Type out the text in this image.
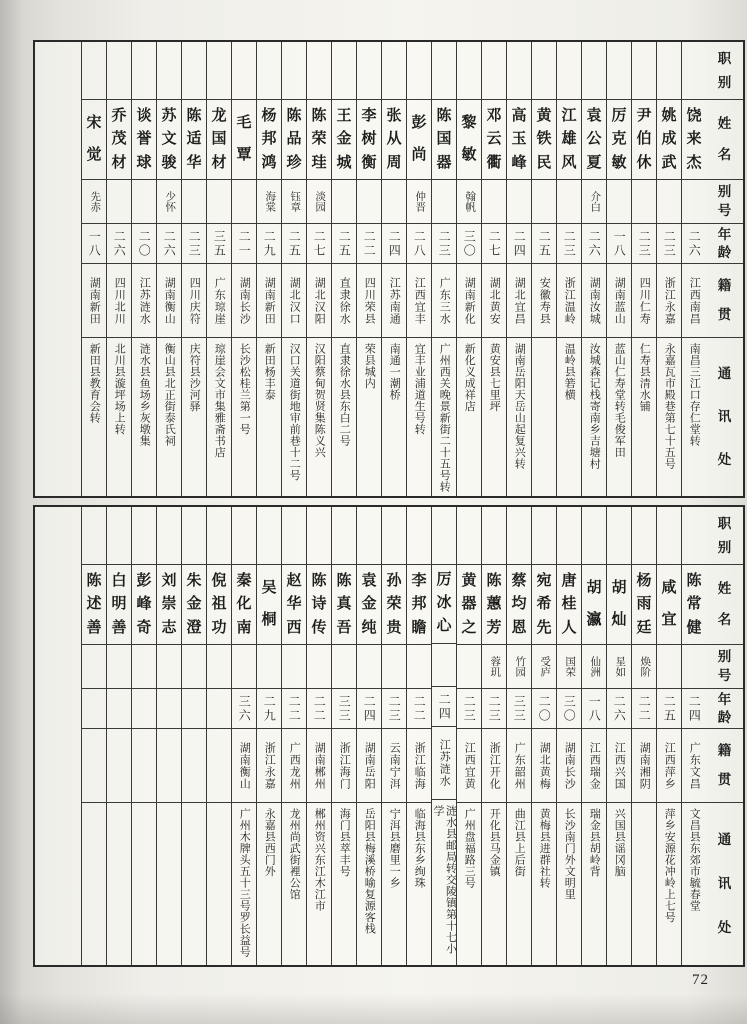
职
别
姓
名
别
号
年
龄
籍
贯
通
讯
处
饶
来
杰
二六
江西南昌
南昌三江口存仁堂转
姚
成
武
二三
浙江永嘉
永嘉瓦市殿巷第七十五号
尹
伯
休
二三
四川仁寿
仁寿县清水铺
厉
克
敏
一八
湖南蓝山
蓝山仁寿堂转毛俊军田
袁
公
夏
介白
二六
湖南汝城
汝城森记栈寄南乡吉塘村
江
雄
风
二三
浙江温岭
温岭县箬横
黄
铁
民
二五
安徽寿县
高
玉
峰
二四
湖北宜昌
湖南岳阳天岳山起复兴转
邓
云
衢
二七
湖北黄安
黄安县七里坪
黎
敏
翰帆
三〇
湖南新化
新化义成祥店
陈
国
器
二三
广东三水
广州西关晚景新街二十五号转
彭
尚
仲晋
二八
江西宜丰
宜丰业浦道生号转
张
从
周
二四
江苏南通
南通一潮桥
李
树
衡
二二
四川荣县
荣县城内
王
金
城
二五
直隶徐水
直隶徐水县东白二号
陈
荣
珪
淡园
二七
湖北汉阳
汉阳蔡甸贺贤集陈义兴
陈
品
珍
钰章
二五
湖北汉口
汉口关道街地审前巷十二号
杨
邦
鸿
海棠
二九
湖南新田
新田杨丰泰
毛
覃
二一
湖南长沙
长沙松桂兰第一号
龙
国
材
三五
广东琼崖
琼崖会文市集雅斋书店
陈
适
华
二三
四川庆符
庆符县沙河驿
苏
文
骏
少怀
二六
湖南衡山
衡山县北正街泰氏祠
谈
誉
球
二〇
江苏涟水
涟水县鱼场乡灰墩集
乔
茂
材
二六
四川北川
北川县漩坪场上转
宋
觉
先赤
一八
湖南新田
新田县教育会转
职
别
姓
名
别
号
年
龄
籍
贯
通
讯
处
陈
常
健
二四
广东文昌
文昌县东郊市毓春堂
咸
宜
二五
江西萍乡
萍乡安源花冲岭上七号
杨
雨
廷
焕阶
二二
湖南湘阴
胡
灿
星如
二六
江西兴国
兴国县谣冈脑
胡
瀛
仙洲
一八
江西瑞金
瑞金县胡岭背
唐
桂
人
国荣
三〇
湖南长沙
长沙南门外文明里
宛
希
先
受庐
二〇
湖北黄梅
黄梅县进群社转
蔡
均
恩
竹园
三三
广东韶州
曲江县上后街
陈
蕙
芳
蓉玑
二三
浙江开化
开化县马金镇
黄
器
之
二三
江西宜黄
广州盘福路三号
厉
冰
心
二四
江苏涟水
涟水县邮局转交陵镇第十七小学
李
邦
瞻
二二
浙江临海
临海县东乡绚珠
孙
荣
贵
二三
云南宁洱
宁洱县磨里一乡
袁
金
纯
二四
湖南岳阳
岳阳县梅溪桥喻复源客栈
陈
真
吾
三三
浙江海门
海门县萃丰号
陈
诗
传
二二
湖南郴州
郴州资兴东江木江市
赵
华
西
二二
广西龙州
龙州尚武街裡公馆
吴
桐
二九
浙江永嘉
永嘉县西门外
秦
化
南
三六
湖南衡山
广州木牌头五十三号罗长益号
倪
祖
功
朱
金
澄
刘
崇
志
彭
峰
奇
白
明
善
陈
述
善
72
